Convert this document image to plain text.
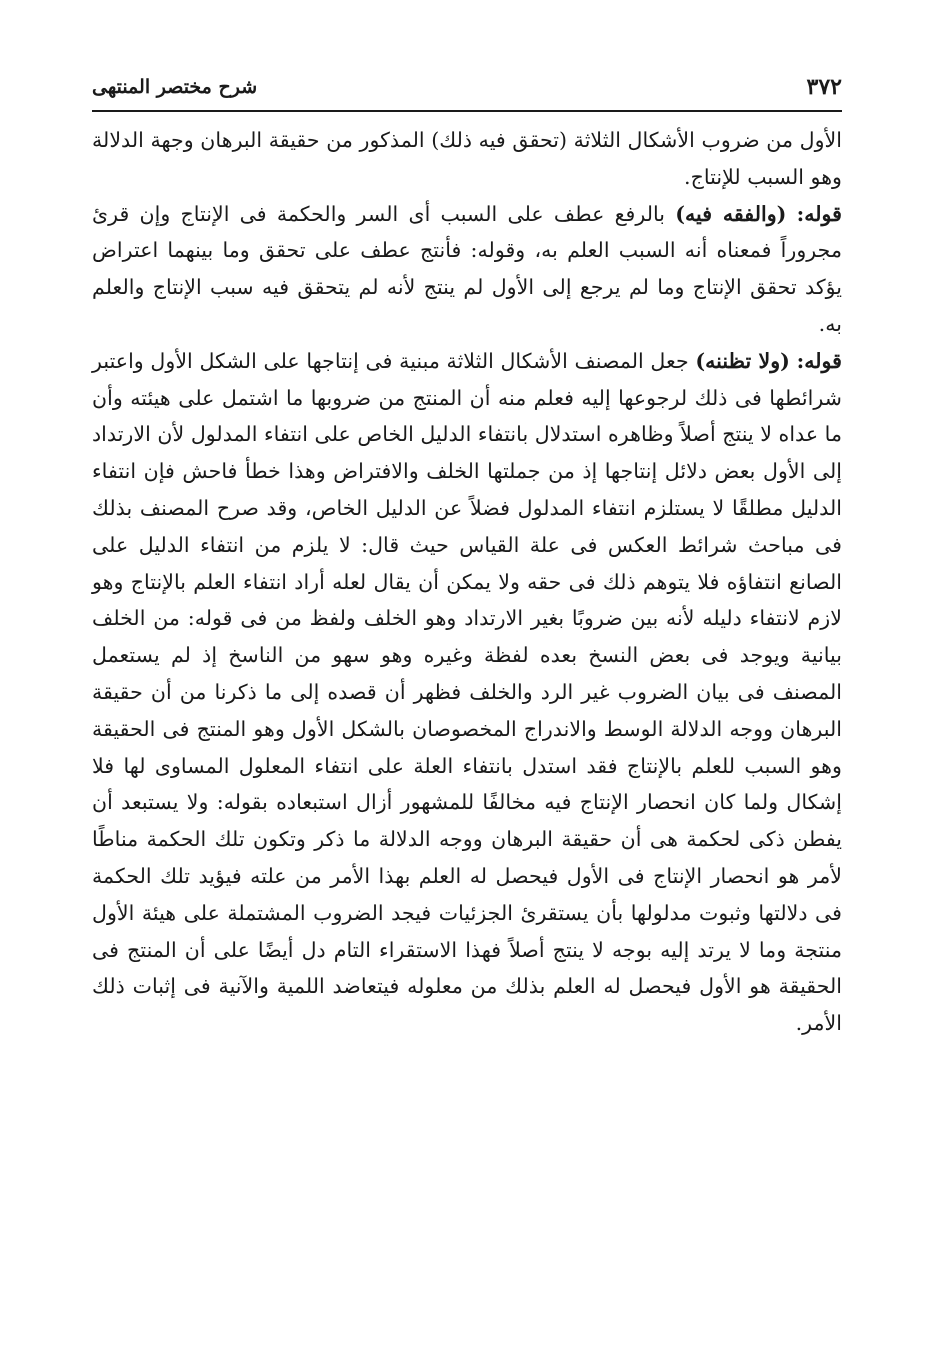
٣٧٢
شرح مختصر المنتهى

الأول من ضروب الأشكال الثلاثة (تحقق فيه ذلك) المذكور من حقيقة البرهان وجهة الدلالة وهو السبب للإنتاج.

قوله: (والفقه فيه) بالرفع عطف على السبب أى السر والحكمة فى الإنتاج وإن قرئ مجروراً فمعناه أنه السبب العلم به، وقوله: فأنتج عطف على تحقق وما بينهما اعتراض يؤكد تحقق الإنتاج وما لم يرجع إلى الأول لم ينتج لأنه لم يتحقق فيه سبب الإنتاج والعلم به.

قوله: (ولا تظننه) جعل المصنف الأشكال الثلاثة مبنية فى إنتاجها على الشكل الأول واعتبر شرائطها فى ذلك لرجوعها إليه فعلم منه أن المنتج من ضروبها ما اشتمل على هيئته وأن ما عداه لا ينتج أصلاً وظاهره استدلال بانتفاء الدليل الخاص على انتفاء المدلول لأن الارتداد إلى الأول بعض دلائل إنتاجها إذ من جملتها الخلف والافتراض وهذا خطأ فاحش فإن انتفاء الدليل مطلقًا لا يستلزم انتفاء المدلول فضلاً عن الدليل الخاص، وقد صرح المصنف بذلك فى مباحث شرائط العكس فى علة القياس حيث قال: لا يلزم من انتفاء الدليل على الصانع انتفاؤه فلا يتوهم ذلك فى حقه ولا يمكن أن يقال لعله أراد انتفاء العلم بالإنتاج وهو لازم لانتفاء دليله لأنه بين ضروبًا بغير الارتداد وهو الخلف ولفظ من فى قوله: من الخلف بيانية ويوجد فى بعض النسخ بعده لفظة وغيره وهو سهو من الناسخ إذ لم يستعمل المصنف فى بيان الضروب غير الرد والخلف فظهر أن قصده إلى ما ذكرنا من أن حقيقة البرهان ووجه الدلالة الوسط والاندراج المخصوصان بالشكل الأول وهو المنتج فى الحقيقة وهو السبب للعلم بالإنتاج فقد استدل بانتفاء العلة على انتفاء المعلول المساوى لها فلا إشكال ولما كان انحصار الإنتاج فيه مخالفًا للمشهور أزال استبعاده بقوله: ولا يستبعد أن يفطن ذكى لحكمة هى أن حقيقة البرهان ووجه الدلالة ما ذكر وتكون تلك الحكمة مناطًا لأمر هو انحصار الإنتاج فى الأول فيحصل له العلم بهذا الأمر من علته فيؤيد تلك الحكمة فى دلالتها وثبوت مدلولها بأن يستقرئ الجزئيات فيجد الضروب المشتملة على هيئة الأول منتجة وما لا يرتد إليه بوجه لا ينتج أصلاً فهذا الاستقراء التام دل أيضًا على أن المنتج فى الحقيقة هو الأول فيحصل له العلم بذلك من معلوله فيتعاضد اللمية والآنية فى إثبات ذلك الأمر.
